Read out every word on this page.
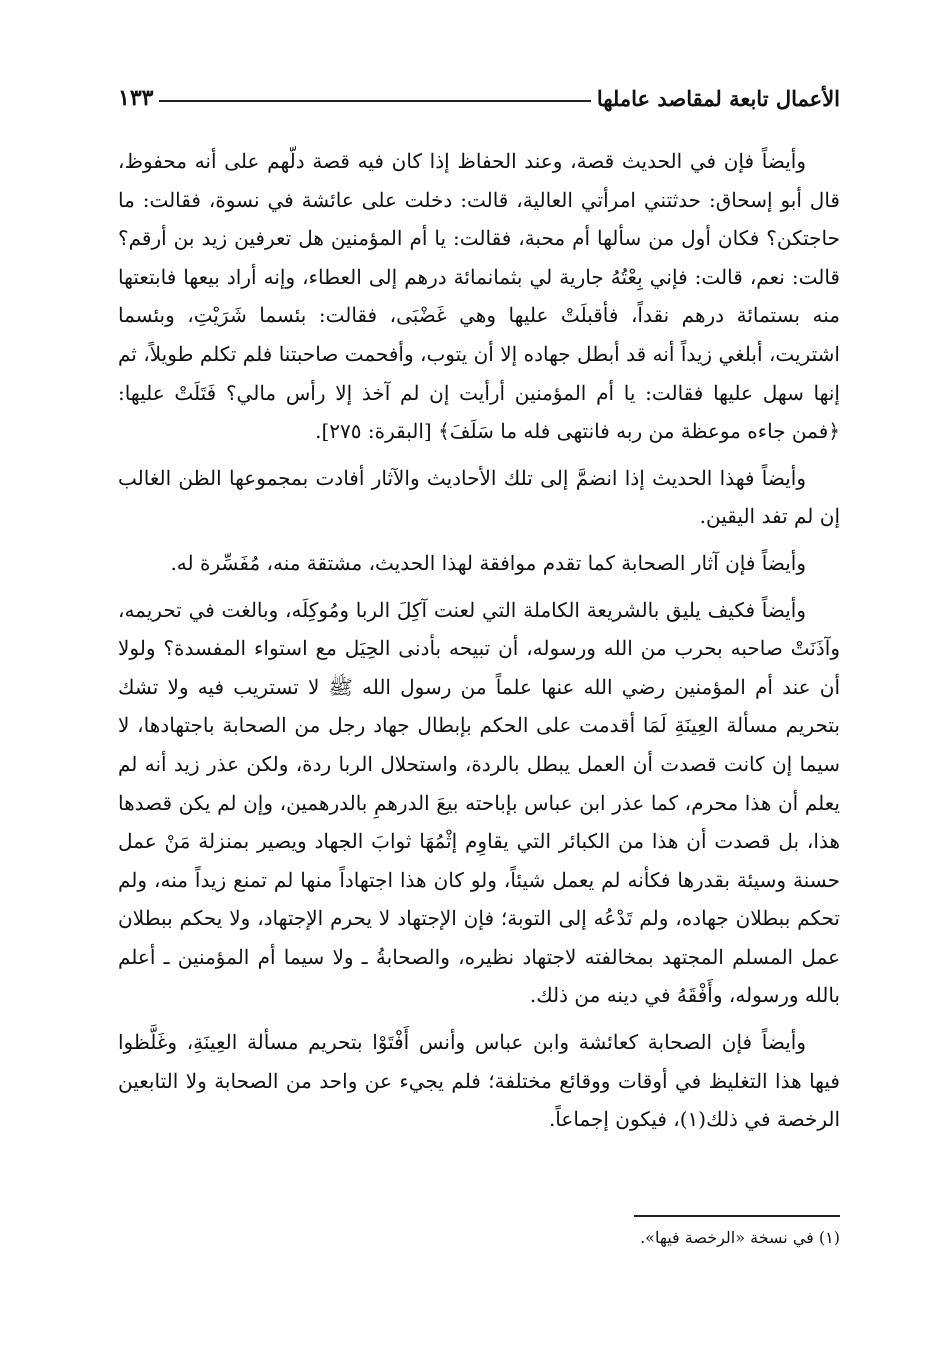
الأعمال تابعة لمقاصد عاملها
١٣٣

وأيضاً فإن في الحديث قصة، وعند الحفاظ إذا كان فيه قصة دلّهم على أنه محفوظ، قال أبو إسحاق: حدثتني امرأتي العالية، قالت: دخلت على عائشة في نسوة، فقالت: ما حاجتكن؟ فكان أول من سألها أم محبة، فقالت: يا أم المؤمنين هل تعرفين زيد بن أرقم؟ قالت: نعم، قالت: فإني بِعْتُهُ جارية لي بثمانمائة درهم إلى العطاء، وإنه أراد بيعها فابتعتها منه بستمائة درهم نقداً، فأقبلَتْ عليها وهي غَضْبَى، فقالت: بئسما شَرَيْتِ، وبئسما اشتريت، أبلغي زيداً أنه قد أبطل جهاده إلا أن يتوب، وأفحمت صاحبتنا فلم تكلم طويلاً، ثم إنها سهل عليها فقالت: يا أم المؤمنين أرأيت إن لم آخذ إلا رأس مالي؟ فَتَلَتْ عليها: ﴿فمن جاءه موعظة من ربه فانتهى فله ما سَلَفَ﴾ [البقرة: ٢٧٥].

وأيضاً فهذا الحديث إذا انضمَّ إلى تلك الأحاديث والآثار أفادت بمجموعها الظن الغالب إن لم تفد اليقين.

وأيضاً فإن آثار الصحابة كما تقدم موافقة لهذا الحديث، مشتقة منه، مُفَسِّرة له.

وأيضاً فكيف يليق بالشريعة الكاملة التي لعنت آكِلَ الربا ومُوكِلَه، وبالغت في تحريمه، وآذَنَتْ صاحبه بحرب من الله ورسوله، أن تبيحه بأدنى الحِيَل مع استواء المفسدة؟ ولولا أن عند أم المؤمنين رضي الله عنها علماً من رسول الله ﷺ لا تستريب فيه ولا تشك بتحريم مسألة العِينَةِ لَمَا أقدمت على الحكم بإبطال جهاد رجل من الصحابة باجتهادها، لا سيما إن كانت قصدت أن العمل يبطل بالردة، واستحلال الربا ردة، ولكن عذر زيد أنه لم يعلم أن هذا محرم، كما عذر ابن عباس بإباحته بيعَ الدرهمِ بالدرهمين، وإن لم يكن قصدها هذا، بل قصدت أن هذا من الكبائر التي يقاوِم إثْمُهَا ثوابَ الجهاد ويصير بمنزلة مَنْ عمل حسنة وسيئة بقدرها فكأنه لم يعمل شيئاً، ولو كان هذا اجتهاداً منها لم تمنع زيداً منه، ولم تحكم ببطلان جهاده، ولم تَدْعُه إلى التوبة؛ فإن الإجتهاد لا يحرم الإجتهاد، ولا يحكم ببطلان عمل المسلم المجتهد بمخالفته لاجتهاد نظيره، والصحابةُ ـ ولا سيما أم المؤمنين ـ أعلم بالله ورسوله، وأَفْقَهُ في دينه من ذلك.

وأيضاً فإن الصحابة كعائشة وابن عباس وأنس أَفْتَوْا بتحريم مسألة العِينَةِ، وغَلَّظوا فيها هذا التغليظ في أوقات ووقائع مختلفة؛ فلم يجيء عن واحد من الصحابة ولا التابعين الرخصة في ذلك(١)، فيكون إجماعاً.

(١) في نسخة «الرخصة فيها».
